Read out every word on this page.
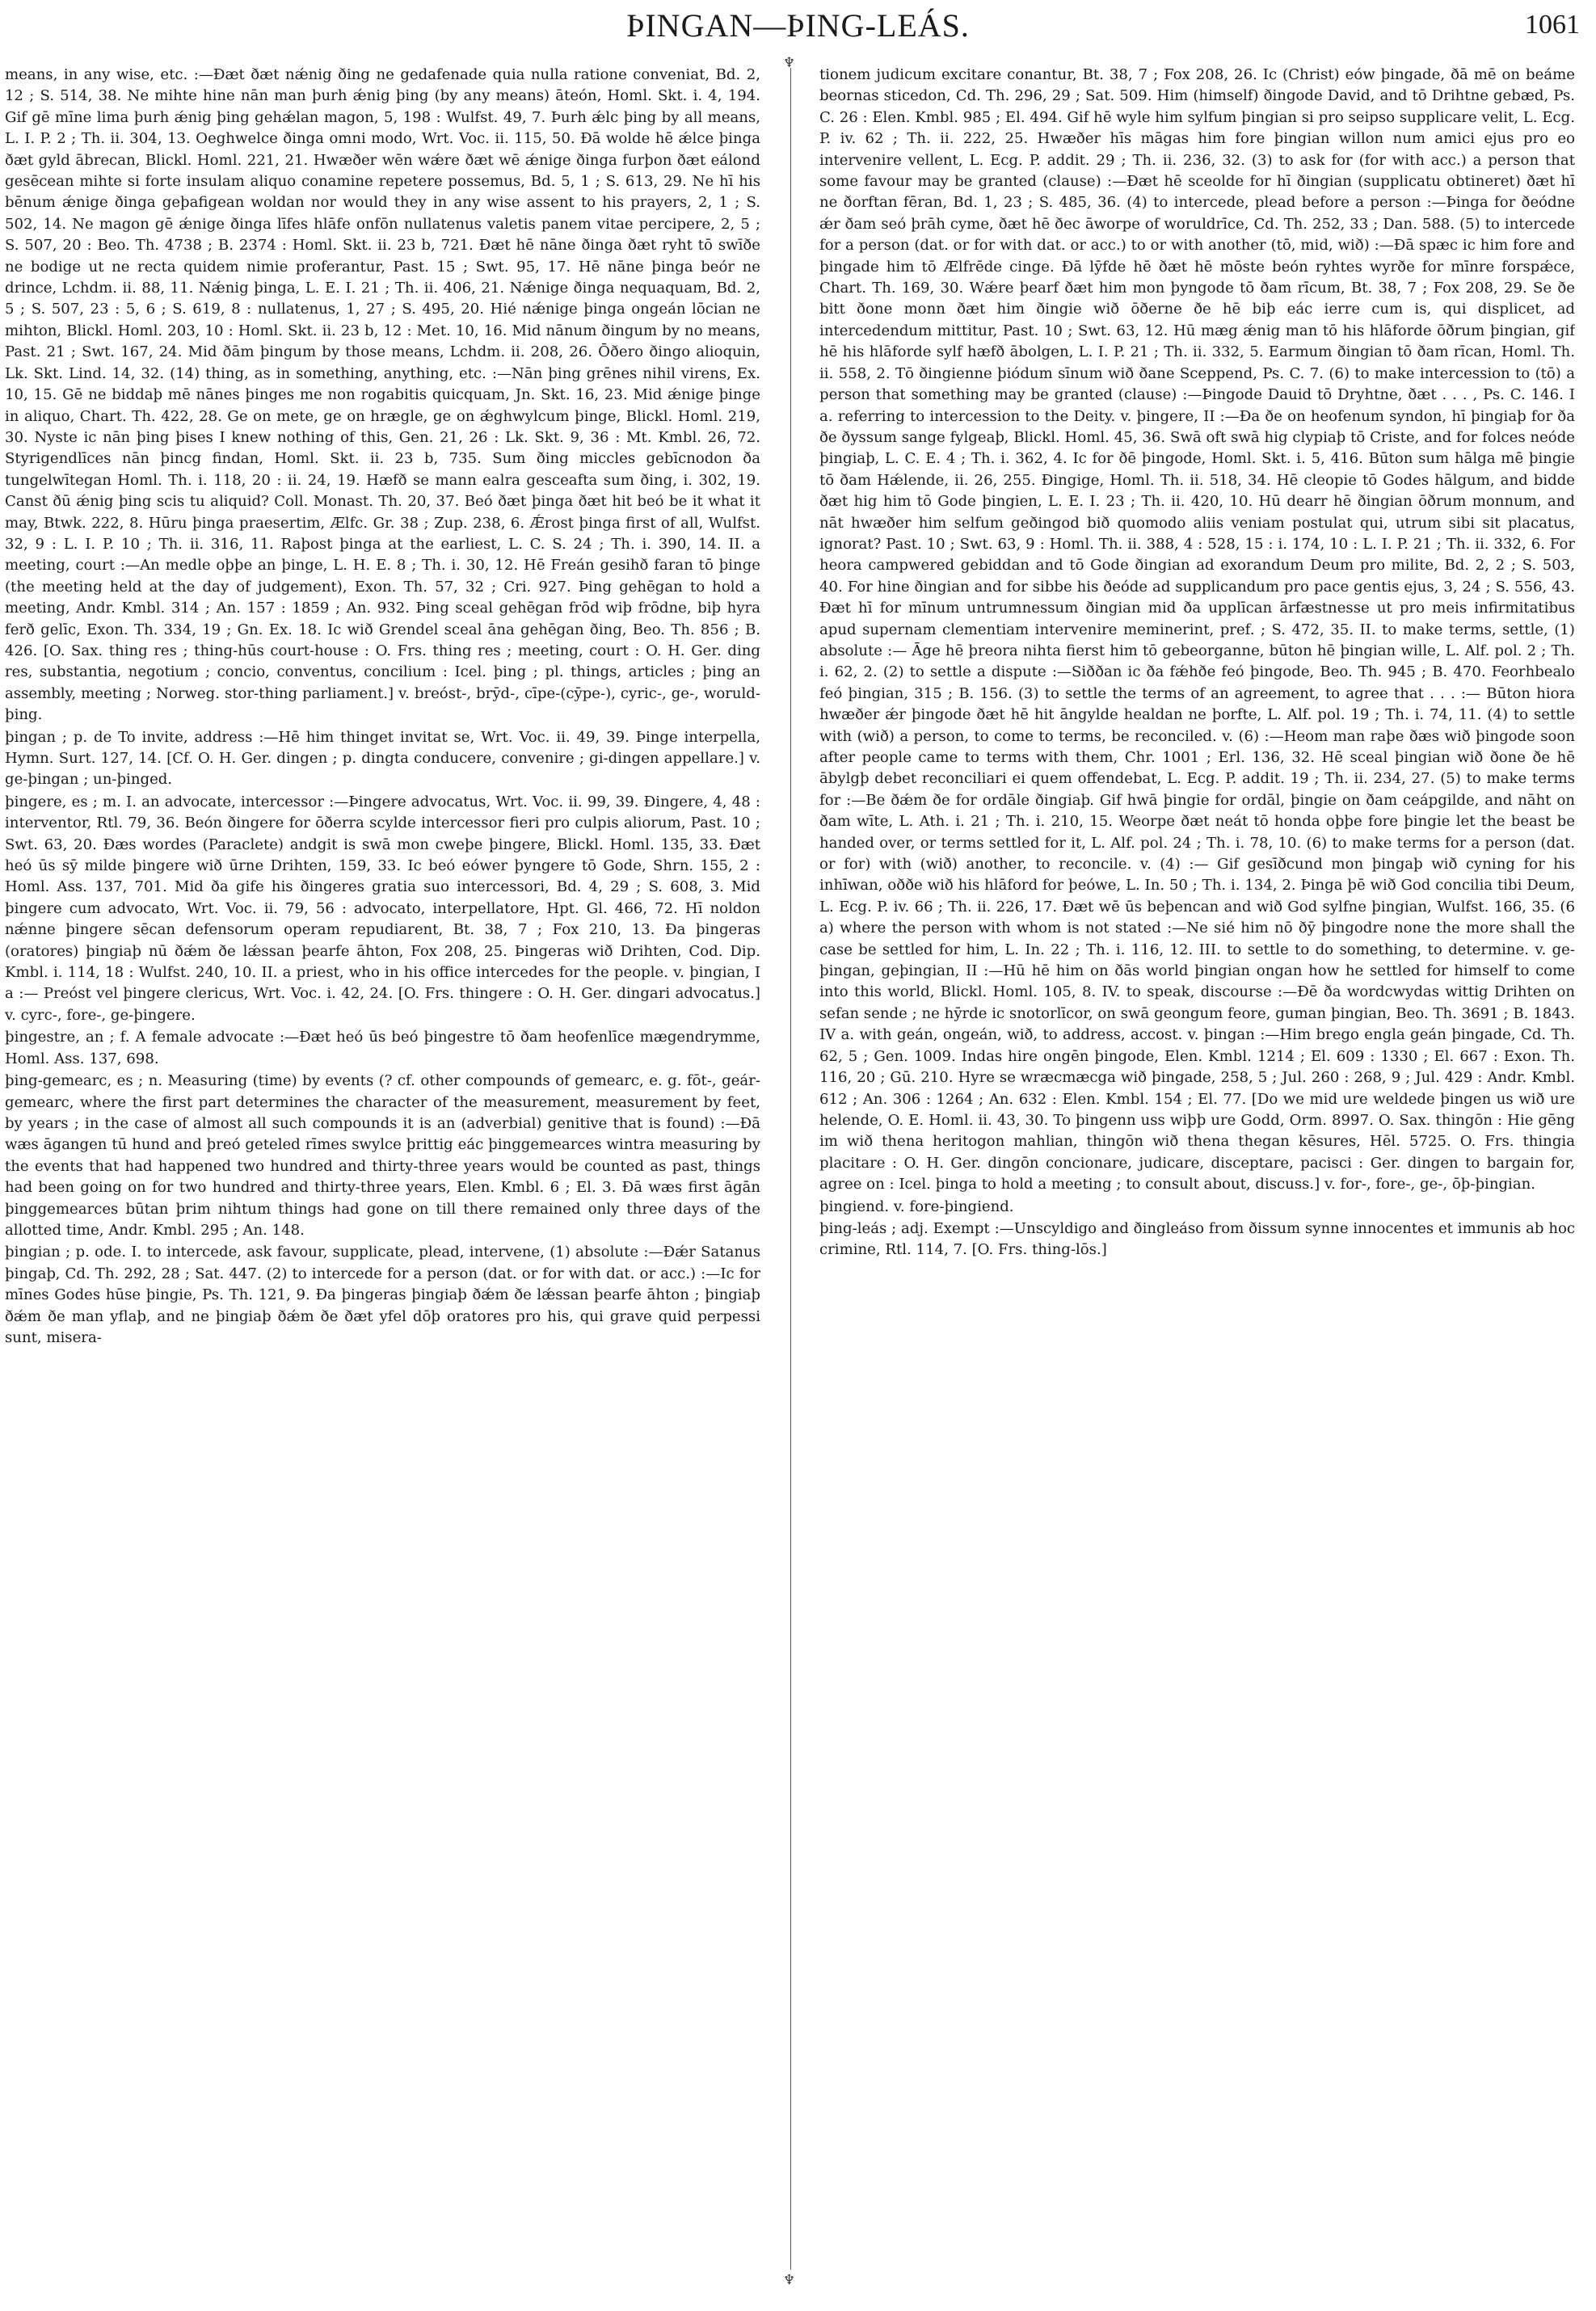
ÞINGAN—ÞING-LEÁS.	1061
♆
♆

means, in any wise, etc. :—Ðæt ðæt nǽnig ðing ne gedafenade quia nulla ratione conveniat, Bd. 2, 12 ; S. 514, 38. Ne mihte hine nān man þurh ǽnig þing (by any means) āteón, Homl. Skt. i. 4, 194. Gif gē mīne lima þurh ǽnig þing gehǽlan magon, 5, 198 : Wulfst. 49, 7. Þurh ǽlc þing by all means, L. I. P. 2 ; Th. ii. 304, 13. Oeghwelce ðinga omni modo, Wrt. Voc. ii. 115, 50. Ðā wolde hē ǽlce þinga ðæt gyld ābrecan, Blickl. Homl. 221, 21. Hwæðer wēn wǽre ðæt wē ǽnige ðinga furþon ðæt eálond gesēcean mihte si forte insulam aliquo conamine repetere possemus, Bd. 5, 1 ; S. 613, 29. Ne hī his bēnum ǽnige ðinga geþafigean woldan nor would they in any wise assent to his prayers, 2, 1 ; S. 502, 14. Ne magon gē ǽnige ðinga līfes hlāfe onfōn nullatenus valetis panem vitae percipere, 2, 5 ; S. 507, 20 : Beo. Th. 4738 ; B. 2374 : Homl. Skt. ii. 23 b, 721. Ðæt hē nāne ðinga ðæt ryht tō swīðe ne bodige ut ne recta quidem nimie proferantur, Past. 15 ; Swt. 95, 17. Hē nāne þinga beór ne drince, Lchdm. ii. 88, 11. Nǽnig þinga, L. E. I. 21 ; Th. ii. 406, 21. Nǽnige ðinga nequaquam, Bd. 2, 5 ; S. 507, 23 : 5, 6 ; S. 619, 8 : nullatenus, 1, 27 ; S. 495, 20. Hié nǽnige þinga ongeán lōcian ne mihton, Blickl. Homl. 203, 10 : Homl. Skt. ii. 23 b, 12 : Met. 10, 16. Mid nānum ðingum by no means, Past. 21 ; Swt. 167, 24. Mid ðām þingum by those means, Lchdm. ii. 208, 26. Ōðero ðingo alioquin, Lk. Skt. Lind. 14, 32. (14) thing, as in something, anything, etc. :—Nān þing grēnes nihil virens, Ex. 10, 15. Gē ne biddaþ mē nānes þinges me non rogabitis quicquam, Jn. Skt. 16, 23. Mid ǽnige þinge in aliquo, Chart. Th. 422, 28. Ge on mete, ge on hrægle, ge on ǽghwylcum þinge, Blickl. Homl. 219, 30. Nyste ic nān þing þises I knew nothing of this, Gen. 21, 26 : Lk. Skt. 9, 36 : Mt. Kmbl. 26, 72. Styrigendlīces nān þincg findan, Homl. Skt. ii. 23 b, 735. Sum ðing miccles gebīcnodon ða tungelwītegan Homl. Th. i. 118, 20 : ii. 24, 19. Hæfð se mann ealra gesceafta sum ðing, i. 302, 19. Canst ðū ǽnig þing scis tu aliquid? Coll. Monast. Th. 20, 37. Beó ðæt þinga ðæt hit beó be it what it may, Btwk. 222, 8. Hūru þinga praesertim, Ælfc. Gr. 38 ; Zup. 238, 6. Ǽrost þinga first of all, Wulfst. 32, 9 : L. I. P. 10 ; Th. ii. 316, 11. Raþost þinga at the earliest, L. C. S. 24 ; Th. i. 390, 14. II. a meeting, court :—An medle oþþe an þinge, L. H. E. 8 ; Th. i. 30, 12. Hē Freán gesihð faran tō þinge (the meeting held at the day of judgement), Exon. Th. 57, 32 ; Cri. 927. Þing gehēgan to hold a meeting, Andr. Kmbl. 314 ; An. 157 : 1859 ; An. 932. Þing sceal gehēgan frōd wiþ frōdne, biþ hyra ferð gelīc, Exon. Th. 334, 19 ; Gn. Ex. 18. Ic wið Grendel sceal āna gehēgan ðing, Beo. Th. 856 ; B. 426. [O. Sax. thing res ; thing-hūs court-house : O. Frs. thing res ; meeting, court : O. H. Ger. ding res, substantia, negotium ; concio, conventus, concilium : Icel. þing ; pl. things, articles ; þing an assembly, meeting ; Norweg. stor-thing parliament.] v. breóst-, brȳd-, cīpe-(cȳpe-), cyric-, ge-, woruld-þing.

þingan ; p. de To invite, address :—Hē him thinget invitat se, Wrt. Voc. ii. 49, 39. Þinge interpella, Hymn. Surt. 127, 14. [Cf. O. H. Ger. dingen ; p. dingta conducere, convenire ; gi-dingen appellare.] v. ge-þingan ; un-þinged.

þingere, es ; m. I. an advocate, intercessor :—Þingere advocatus, Wrt. Voc. ii. 99, 39. Ðingere, 4, 48 : interventor, Rtl. 79, 36. Beón ðingere for ōðerra scylde intercessor fieri pro culpis aliorum, Past. 10 ; Swt. 63, 20. Ðæs wordes (Paraclete) andgit is swā mon cweþe þingere, Blickl. Homl. 135, 33. Ðæt heó ūs sȳ milde þingere wið ūrne Drihten, 159, 33. Ic beó eówer þyngere tō Gode, Shrn. 155, 2 : Homl. Ass. 137, 701. Mid ða gife his ðingeres gratia suo intercessori, Bd. 4, 29 ; S. 608, 3. Mid þingere cum advocato, Wrt. Voc. ii. 79, 56 : advocato, interpellatore, Hpt. Gl. 466, 72. Hī noldon nǽnne þingere sēcan defensorum operam repudiarent, Bt. 38, 7 ; Fox 210, 13. Ða þingeras (oratores) þingiaþ nū ðǽm ðe lǽssan þearfe āhton, Fox 208, 25. Þingeras wið Drihten, Cod. Dip. Kmbl. i. 114, 18 : Wulfst. 240, 10. II. a priest, who in his office intercedes for the people. v. þingian, I a :— Preóst vel þingere clericus, Wrt. Voc. i. 42, 24. [O. Frs. thingere : O. H. Ger. dingari advocatus.] v. cyrc-, fore-, ge-þingere.

þingestre, an ; f. A female advocate :—Ðæt heó ūs beó þingestre tō ðam heofenlīce mægendrymme, Homl. Ass. 137, 698.

þing-gemearc, es ; n. Measuring (time) by events (? cf. other compounds of gemearc, e. g. fōt-, geár-gemearc, where the first part determines the character of the measurement, measurement by feet, by years ; in the case of almost all such compounds it is an (adverbial) genitive that is found) :—Ðā wæs āgangen tū hund and þreó geteled rīmes swylce þrittig eác þinggemearces wintra measuring by the events that had happened two hundred and thirty-three years would be counted as past, things had been going on for two hundred and thirty-three years, Elen. Kmbl. 6 ; El. 3. Ðā wæs first āgān þinggemearces būtan þrim nihtum things had gone on till there remained only three days of the allotted time, Andr. Kmbl. 295 ; An. 148.

þingian ; p. ode. I. to intercede, ask favour, supplicate, plead, intervene, (1) absolute :—Ðǽr Satanus þingaþ, Cd. Th. 292, 28 ; Sat. 447. (2) to intercede for a person (dat. or for with dat. or acc.) :—Ic for mīnes Godes hūse þingie, Ps. Th. 121, 9. Ða þingeras þingiaþ ðǽm ðe lǽssan þearfe āhton ; þingiaþ ðǽm ðe man yflaþ, and ne þingiaþ ðǽm ðe ðæt yfel dōþ oratores pro his, qui grave quid perpessi sunt, misera-

tionem judicum excitare conantur, Bt. 38, 7 ; Fox 208, 26. Ic (Christ) eów þingade, ðā mē on beáme beornas sticedon, Cd. Th. 296, 29 ; Sat. 509. Him (himself) ðingode David, and tō Drihtne gebæd, Ps. C. 26 : Elen. Kmbl. 985 ; El. 494. Gif hē wyle him sylfum þingian si pro seipso supplicare velit, L. Ecg. P. iv. 62 ; Th. ii. 222, 25. Hwæðer hīs māgas him fore þingian willon num amici ejus pro eo intervenire vellent, L. Ecg. P. addit. 29 ; Th. ii. 236, 32. (3) to ask for (for with acc.) a person that some favour may be granted (clause) :—Ðæt hē sceolde for hī ðingian (supplicatu obtineret) ðæt hī ne ðorftan fēran, Bd. 1, 23 ; S. 485, 36. (4) to intercede, plead before a person :—Þinga for ðeódne ǽr ðam seó þrāh cyme, ðæt hē ðec āworpe of woruldrīce, Cd. Th. 252, 33 ; Dan. 588. (5) to intercede for a person (dat. or for with dat. or acc.) to or with another (tō, mid, wið) :—Ðā spæc ic him fore and þingade him tō Ælfrēde cinge. Ðā lȳfde hē ðæt hē mōste beón ryhtes wyrðe for mīnre forspǽce, Chart. Th. 169, 30. Wǽre þearf ðæt him mon þyngode tō ðam rīcum, Bt. 38, 7 ; Fox 208, 29. Se ðe bitt ðone monn ðæt him ðingie wið ōðerne ðe hē biþ eác ierre cum is, qui displicet, ad intercedendum mittitur, Past. 10 ; Swt. 63, 12. Hū mæg ǽnig man tō his hlāforde ōðrum þingian, gif hē his hlāforde sylf hæfð ābolgen, L. I. P. 21 ; Th. ii. 332, 5. Earmum ðingian tō ðam rīcan, Homl. Th. ii. 558, 2. Tō ðingienne þiódum sīnum wið ðane Sceppend, Ps. C. 7. (6) to make intercession to (tō) a person that something may be granted (clause) :—Þingode Dauid tō Dryhtne, ðæt . . . , Ps. C. 146. I a. referring to intercession to the Deity. v. þingere, II :—Ða ðe on heofenum syndon, hī þingiaþ for ða ðe ðyssum sange fylgeaþ, Blickl. Homl. 45, 36. Swā oft swā hig clypiaþ tō Criste, and for folces neóde þingiaþ, L. C. E. 4 ; Th. i. 362, 4. Ic for ðē þingode, Homl. Skt. i. 5, 416. Būton sum hālga mē þingie tō ðam Hǽlende, ii. 26, 255. Ðingige, Homl. Th. ii. 518, 34. Hē cleopie tō Godes hālgum, and bidde ðæt hig him tō Gode þingien, L. E. I. 23 ; Th. ii. 420, 10. Hū dearr hē ðingian ōðrum monnum, and nāt hwæðer him selfum geðingod bið quomodo aliis veniam postulat qui, utrum sibi sit placatus, ignorat? Past. 10 ; Swt. 63, 9 : Homl. Th. ii. 388, 4 : 528, 15 : i. 174, 10 : L. I. P. 21 ; Th. ii. 332, 6. For heora campwered gebiddan and tō Gode ðingian ad exorandum Deum pro milite, Bd. 2, 2 ; S. 503, 40. For hine ðingian and for sibbe his ðeóde ad supplicandum pro pace gentis ejus, 3, 24 ; S. 556, 43. Ðæt hī for mīnum untrumnessum ðingian mid ða upplīcan ārfæstnesse ut pro meis infirmitatibus apud supernam clementiam intervenire meminerint, pref. ; S. 472, 35. II. to make terms, settle, (1) absolute :— Āge hē þreora nihta fierst him tō gebeorganne, būton hē þingian wille, L. Alf. pol. 2 ; Th. i. 62, 2. (2) to settle a dispute :—Siððan ic ða fǽhðe feó þingode, Beo. Th. 945 ; B. 470. Feorhbealo feó þingian, 315 ; B. 156. (3) to settle the terms of an agreement, to agree that . . . :— Būton hiora hwæðer ǽr þingode ðæt hē hit āngylde healdan ne þorfte, L. Alf. pol. 19 ; Th. i. 74, 11. (4) to settle with (wið) a person, to come to terms, be reconciled. v. (6) :—Heom man raþe ðæs wið þingode soon after people came to terms with them, Chr. 1001 ; Erl. 136, 32. Hē sceal þingian wið ðone ðe hē ābylgþ debet reconciliari ei quem offendebat, L. Ecg. P. addit. 19 ; Th. ii. 234, 27. (5) to make terms for :—Be ðǽm ðe for ordāle ðingiaþ. Gif hwā þingie for ordāl, þingie on ðam ceápgilde, and nāht on ðam wīte, L. Ath. i. 21 ; Th. i. 210, 15. Weorpe ðæt neát tō honda oþþe fore þingie let the beast be handed over, or terms settled for it, L. Alf. pol. 24 ; Th. i. 78, 10. (6) to make terms for a person (dat. or for) with (wið) another, to reconcile. v. (4) :— Gif gesīðcund mon þingaþ wið cyning for his inhīwan, oððe wið his hlāford for þeówe, L. In. 50 ; Th. i. 134, 2. Þinga þē wið God concilia tibi Deum, L. Ecg. P. iv. 66 ; Th. ii. 226, 17. Ðæt wē ūs beþencan and wið God sylfne þingian, Wulfst. 166, 35. (6 a) where the person with whom is not stated :—Ne sié him nō ðȳ þingodre none the more shall the case be settled for him, L. In. 22 ; Th. i. 116, 12. III. to settle to do something, to determine. v. ge-þingan, geþingian, II :—Hū hē him on ðās world þingian ongan how he settled for himself to come into this world, Blickl. Homl. 105, 8. IV. to speak, discourse :—Ðē ða wordcwydas wittig Drihten on sefan sende ; ne hȳrde ic snotorlīcor, on swā geongum feore, guman þingian, Beo. Th. 3691 ; B. 1843. IV a. with geán, ongeán, wið, to address, accost. v. þingan :—Him brego engla geán þingade, Cd. Th. 62, 5 ; Gen. 1009. Indas hire ongēn þingode, Elen. Kmbl. 1214 ; El. 609 : 1330 ; El. 667 : Exon. Th. 116, 20 ; Gū. 210. Hyre se wræcmæcga wið þingade, 258, 5 ; Jul. 260 : 268, 9 ; Jul. 429 : Andr. Kmbl. 612 ; An. 306 : 1264 ; An. 632 : Elen. Kmbl. 154 ; El. 77. [Do we mid ure weldede þingen us wið ure helende, O. E. Homl. ii. 43, 30. To þingenn uss wiþþ ure Godd, Orm. 8997. O. Sax. thingōn : Hie gēng im wið thena heritogon mahlian, thingōn wið thena thegan kēsures, Hēl. 5725. O. Frs. thingia placitare : O. H. Ger. dingōn concionare, judicare, disceptare, pacisci : Ger. dingen to bargain for, agree on : Icel. þinga to hold a meeting ; to consult about, discuss.] v. for-, fore-, ge-, ōþ-þingian.

þingiend. v. fore-þingiend.

þing-leás ; adj. Exempt :—Unscyldigo and ðingleáso from ðissum synne innocentes et immunis ab hoc crimine, Rtl. 114, 7. [O. Frs. thing-lōs.]
